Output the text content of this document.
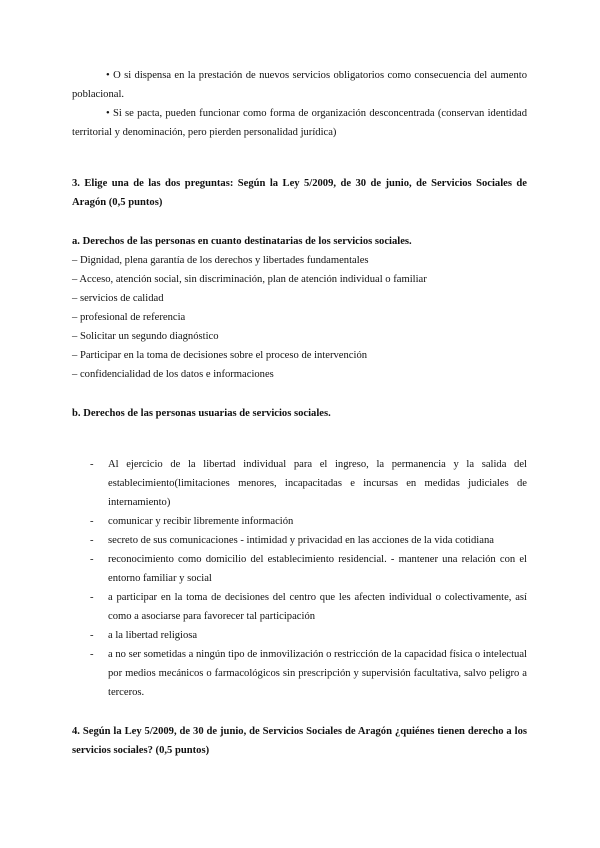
• O si dispensa en la prestación de nuevos servicios obligatorios como consecuencia del aumento poblacional.

• Si se pacta, pueden funcionar como forma de organización desconcentrada (conservan identidad territorial y denominación, pero pierden personalidad jurídica)

3. Elige una de las dos preguntas: Según la Ley 5/2009, de 30 de junio, de Servicios Sociales de Aragón (0,5 puntos)

a. Derechos de las personas en cuanto destinatarias de los servicios sociales.

– Dignidad, plena garantía de los derechos y libertades fundamentales

– Acceso, atención social, sin discriminación, plan de atención individual o familiar

– servicios de calidad

– profesional de referencia

– Solicitar un segundo diagnóstico

– Participar en la toma de decisiones sobre el proceso de intervención

– confidencialidad de los datos e informaciones

b. Derechos de las personas usuarias de servicios sociales.

- Al ejercicio de la libertad individual para el ingreso, la permanencia y la salida del establecimiento(limitaciones menores, incapacitadas e incursas en medidas judiciales de internamiento)
- comunicar y recibir libremente información
- secreto de sus comunicaciones - intimidad y privacidad en las acciones de la vida cotidiana
- reconocimiento como domicilio del establecimiento residencial. - mantener una relación con el entorno familiar y social
- a participar en la toma de decisiones del centro que les afecten individual o colectivamente, así como a asociarse para favorecer tal participación
- a la libertad religiosa
- a no ser sometidas a ningún tipo de inmovilización o restricción de la capacidad física o intelectual por medios mecánicos o farmacológicos sin prescripción y supervisión facultativa, salvo peligro a terceros.

4. Según la Ley 5/2009, de 30 de junio, de Servicios Sociales de Aragón ¿quiénes tienen derecho a los servicios sociales? (0,5 puntos)
